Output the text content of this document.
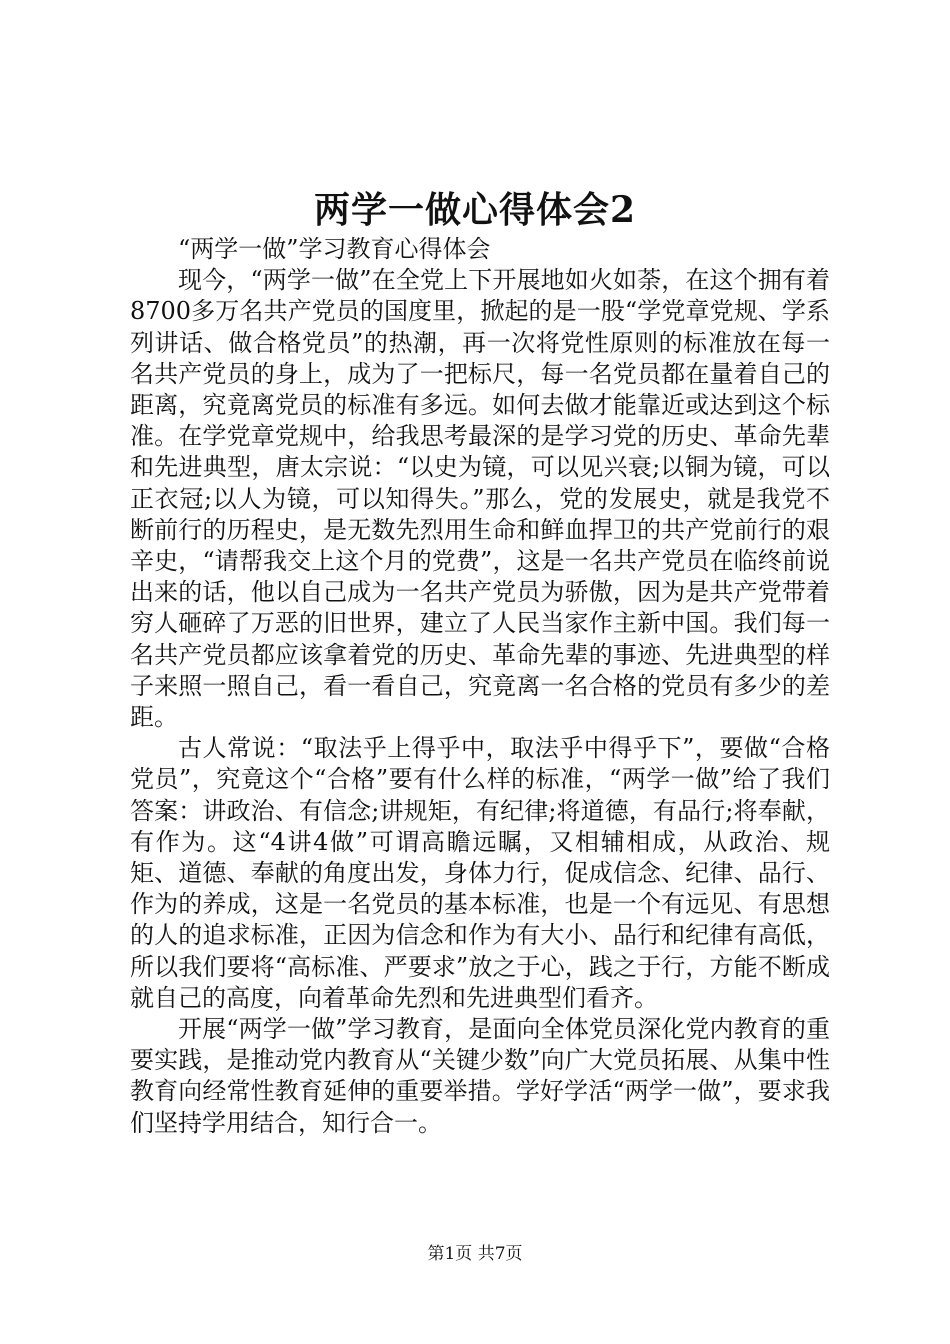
两学一做心得体会2

“两学一做”学习教育心得体会

现今，“两学一做”在全党上下开展地如火如荼，在这个拥有着8700多万名共产党员的国度里，掀起的是一股“学党章党规、学系列讲话、做合格党员”的热潮，再一次将党性原则的标准放在每一名共产党员的身上，成为了一把标尺，每一名党员都在量着自己的距离，究竟离党员的标准有多远。如何去做才能靠近或达到这个标准。在学党章党规中，给我思考最深的是学习党的历史、革命先辈和先进典型，唐太宗说：“以史为镜，可以见兴衰;以铜为镜，可以正衣冠;以人为镜，可以知得失。”那么，党的发展史，就是我党不断前行的历程史，是无数先烈用生命和鲜血捍卫的共产党前行的艰辛史，“请帮我交上这个月的党费”，这是一名共产党员在临终前说出来的话，他以自己成为一名共产党员为骄傲，因为是共产党带着穷人砸碎了万恶的旧世界，建立了人民当家作主新中国。我们每一名共产党员都应该拿着党的历史、革命先辈的事迹、先进典型的样子来照一照自己，看一看自己，究竟离一名合格的党员有多少的差距。

古人常说：“取法乎上得乎中，取法乎中得乎下”，要做“合格党员”，究竟这个“合格”要有什么样的标准，“两学一做”给了我们答案：讲政治、有信念;讲规矩，有纪律;将道德，有品行;将奉献，有作为。这“4讲4做”可谓高瞻远瞩，又相辅相成，从政治、规矩、道德、奉献的角度出发，身体力行，促成信念、纪律、品行、作为的养成，这是一名党员的基本标准，也是一个有远见、有思想的人的追求标准，正因为信念和作为有大小、品行和纪律有高低，所以我们要将“高标准、严要求”放之于心，践之于行，方能不断成就自己的高度，向着革命先烈和先进典型们看齐。

开展“两学一做”学习教育，是面向全体党员深化党内教育的重要实践，是推动党内教育从“关键少数”向广大党员拓展、从集中性教育向经常性教育延伸的重要举措。学好学活“两学一做”，要求我们坚持学用结合，知行合一。

第1页 共7页
